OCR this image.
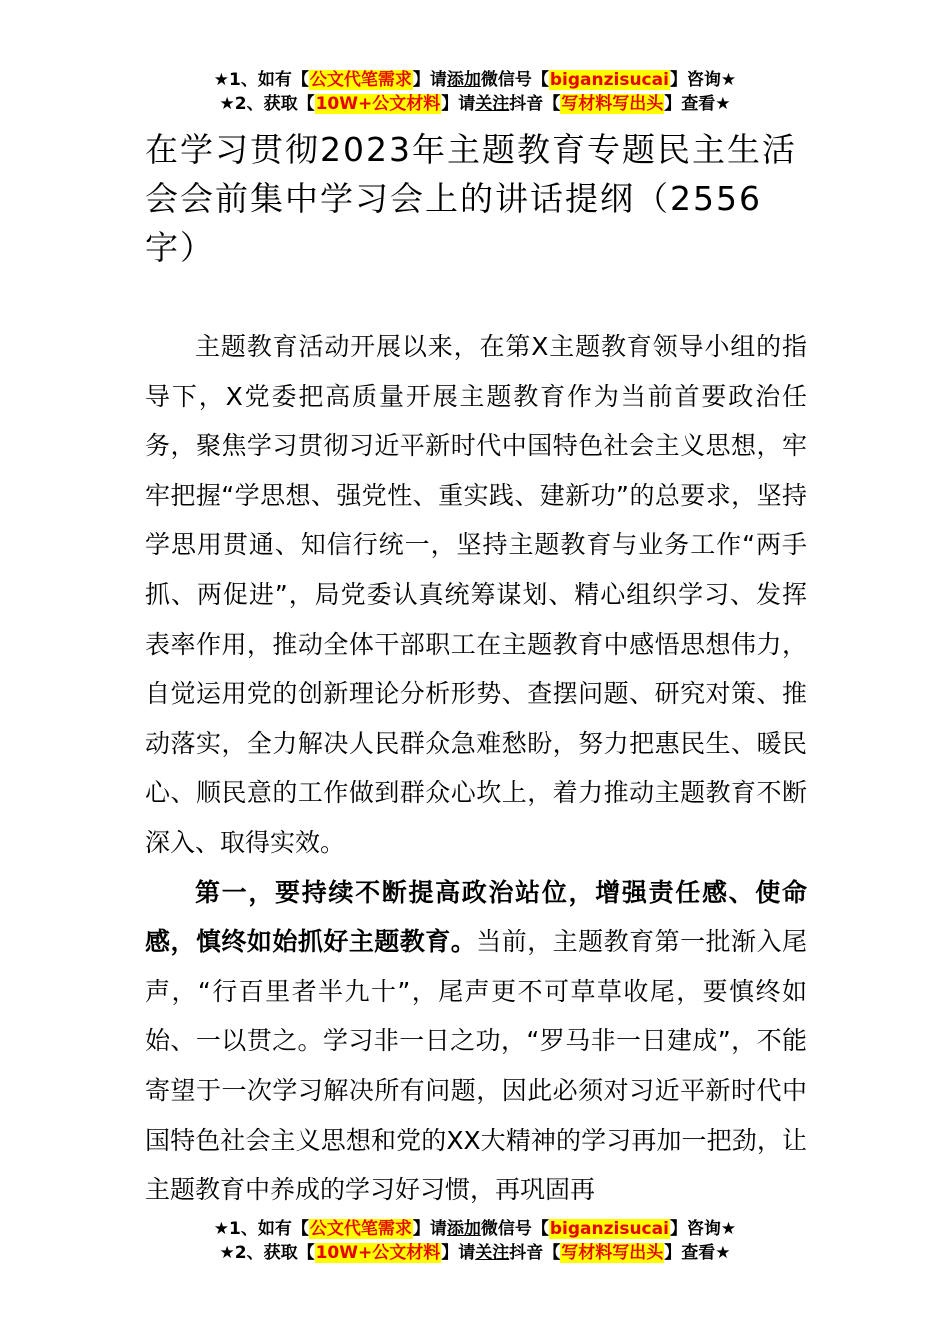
★1、如有【公文代笔需求】请添加微信号【biganzisucai】咨询★
★2、获取【10W+公文材料】请关注抖音【写材料写出头】查看★
在学习贯彻2023年主题教育专题民主生活会会前集中学习会上的讲话提纲（2556字）

主题教育活动开展以来，在第X主题教育领导小组的指导下，X党委把高质量开展主题教育作为当前首要政治任务，聚焦学习贯彻习近平新时代中国特色社会主义思想，牢牢把握“学思想、强党性、重实践、建新功”的总要求，坚持学思用贯通、知信行统一，坚持主题教育与业务工作“两手抓、两促进”，局党委认真统筹谋划、精心组织学习、发挥表率作用，推动全体干部职工在主题教育中感悟思想伟力，自觉运用党的创新理论分析形势、查摆问题、研究对策、推动落实，全力解决人民群众急难愁盼，努力把惠民生、暖民心、顺民意的工作做到群众心坎上，着力推动主题教育不断深入、取得实效。

第一，要持续不断提高政治站位，增强责任感、使命感，慎终如始抓好主题教育。当前，主题教育第一批渐入尾声，“行百里者半九十”，尾声更不可草草收尾，要慎终如始、一以贯之。学习非一日之功，“罗马非一日建成”，不能寄望于一次学习解决所有问题，因此必须对习近平新时代中国特色社会主义思想和党的XX大精神的学习再加一把劲，让主题教育中养成的学习好习惯，再巩固再

★1、如有【公文代笔需求】请添加微信号【biganzisucai】咨询★
★2、获取【10W+公文材料】请关注抖音【写材料写出头】查看★
